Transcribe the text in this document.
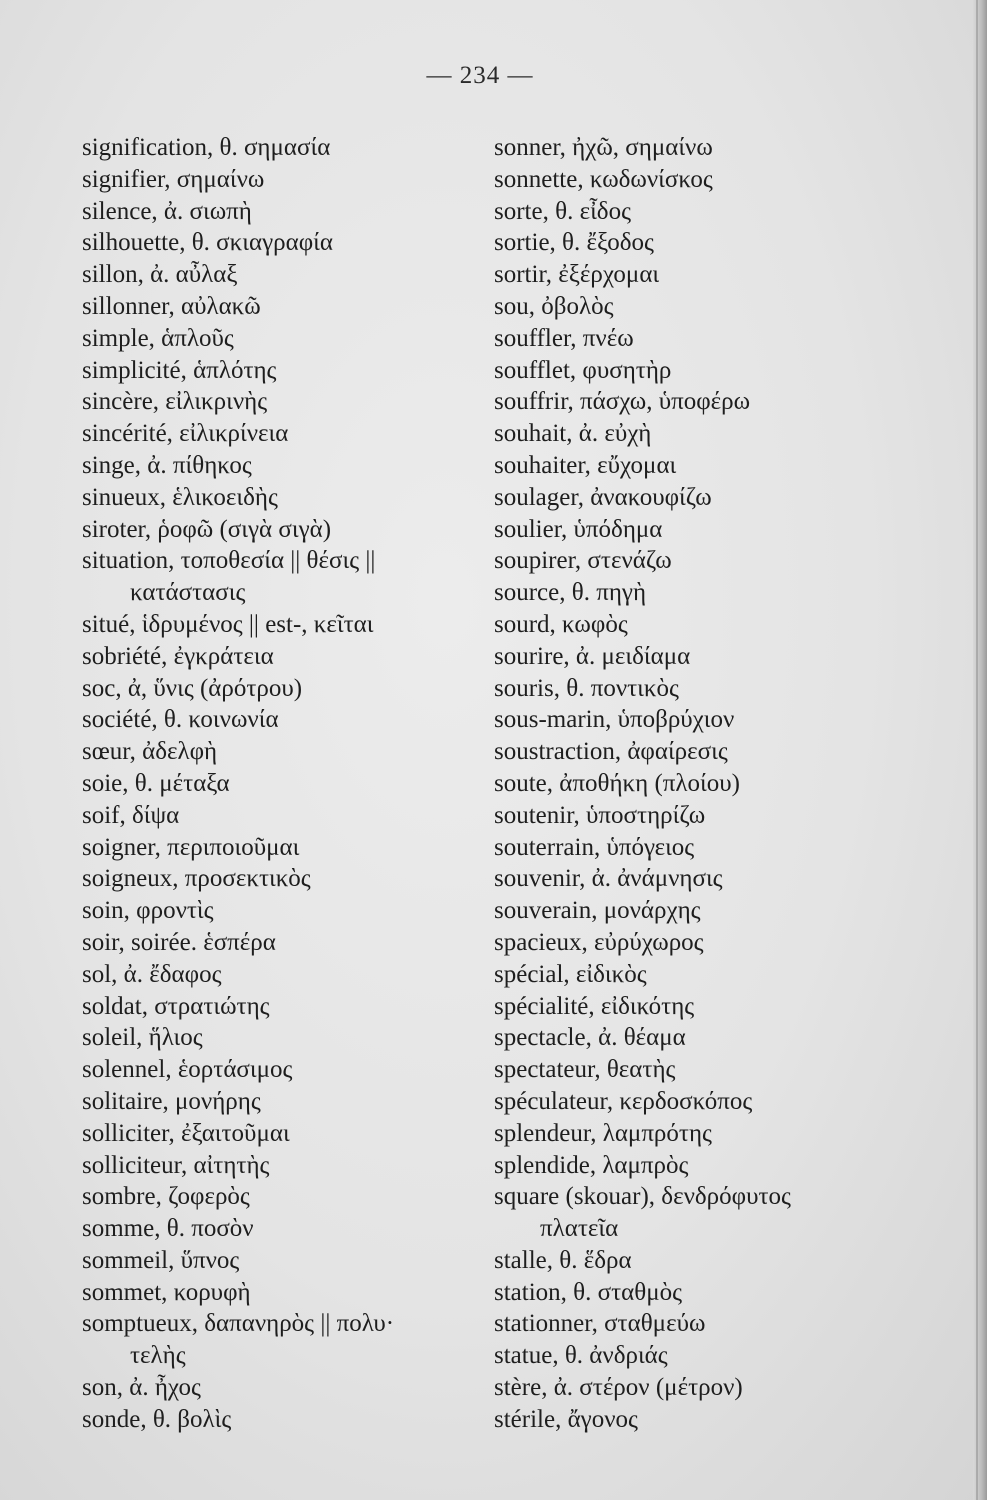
— 234 —
signification, θ. σημασία
signifier, σημαίνω
silence, ἀ. σιωπὴ
silhouette, θ. σκιαγραφία
sillon, ἀ. αὖλαξ
sillonner, αὐλακῶ
simple, ἁπλοῦς
simplicité, ἁπλότης
sincère, εἰλικρινὴς
sincérité, εἰλικρίνεια
singe, ἀ. πίθηκος
sinueux, ἑλικοειδὴς
siroter, ῥοφῶ (σιγὰ σιγὰ)
situation, τοποθεσία || θέσις ||
κατάστασις
situé, ἱδρυμένος || est-, κεῖται
sobriété, ἐγκράτεια
soc, ἀ, ὕνις (ἀρότρου)
société, θ. κοινωνία
sœur, ἀδελφὴ
soie, θ. μέταξα
soif, δίψα
soigner, περιποιοῦμαι
soigneux, προσεκτικὸς
soin, φροντὶς
soir, soirée. ἑσπέρα
sol, ἀ. ἔδαφος
soldat, στρατιώτης
soleil, ἥλιος
solennel, ἑορτάσιμος
solitaire, μονήρης
solliciter, ἐξαιτοῦμαι
solliciteur, αἰτητὴς
sombre, ζοφερὸς
somme, θ. ποσὸν
sommeil, ὕπνος
sommet, κορυφὴ
somptueux, δαπανηρὸς || πολυ·
τελὴς
son, ἀ. ἦχος
sonde, θ. βολὶς
sonner, ἠχῶ, σημαίνω
sonnette, κωδωνίσκος
sorte, θ. εἶδος
sortie, θ. ἔξοδος
sortir, ἐξέρχομαι
sou, ὀβολὸς
souffler, πνέω
soufflet, φυσητὴρ
souffrir, πάσχω, ὑποφέρω
souhait, ἀ. εὐχὴ
souhaiter, εὔχομαι
soulager, ἀνακουφίζω
soulier, ὑπόδημα
soupirer, στενάζω
source, θ. πηγὴ
sourd, κωφὸς
sourire, ἀ. μειδίαμα
souris, θ. ποντικὸς
sous-marin, ὑποβρύχιον
soustraction, ἀφαίρεσις
soute, ἀποθήκη (πλοίου)
soutenir, ὑποστηρίζω
souterrain, ὑπόγειος
souvenir, ἀ. ἀνάμνησις
souverain, μονάρχης
spacieux, εὐρύχωρος
spécial, εἰδικὸς
spécialité, εἰδικότης
spectacle, ἀ. θέαμα
spectateur, θεατὴς
spéculateur, κερδοσκόπος
splendeur, λαμπρότης
splendide, λαμπρὸς
square (skouar), δενδρόφυτος
πλατεῖα
stalle, θ. ἕδρα
station, θ. σταθμὸς
stationner, σταθμεύω
statue, θ. ἀνδριάς
stère, ἀ. στέρον (μέτρον)
stérile, ἄγονος
